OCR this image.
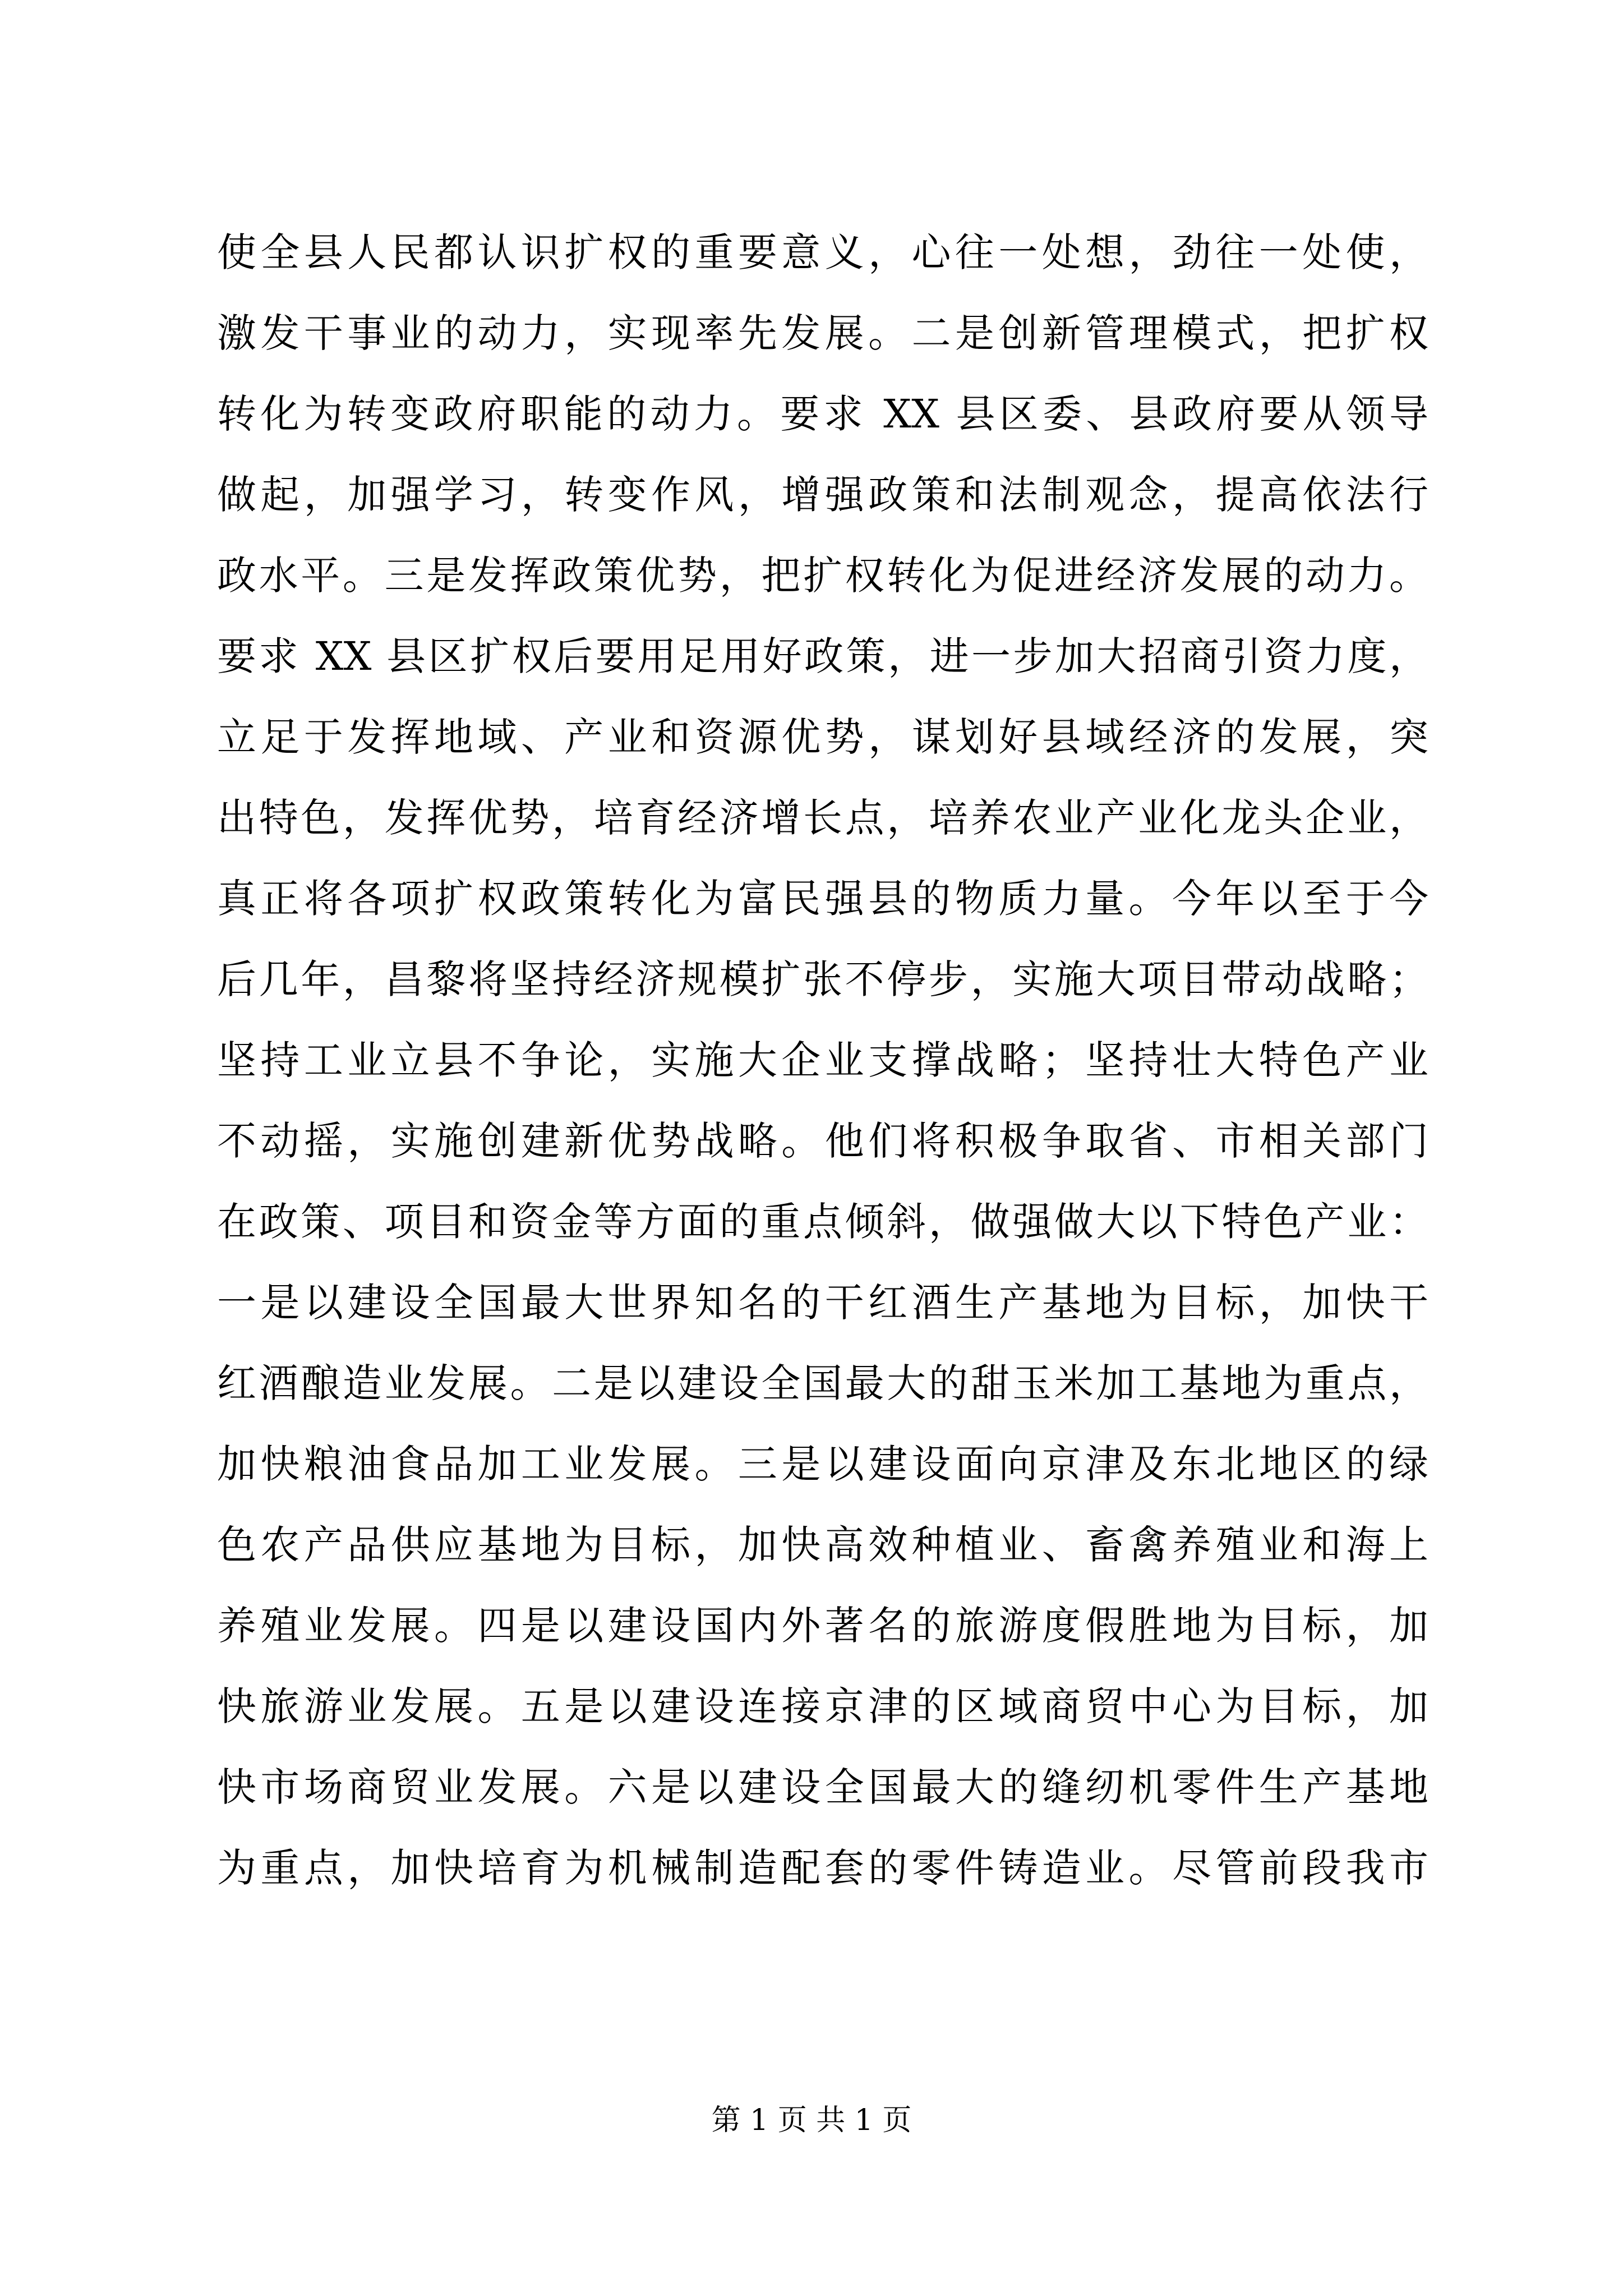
使全县人民都认识扩权的重要意义，心往一处想，劲往一处使，
激发干事业的动力，实现率先发展。二是创新管理模式，把扩权
转化为转变政府职能的动力。要求 XX 县区委、县政府要从领导
做起，加强学习，转变作风，增强政策和法制观念，提高依法行
政水平。三是发挥政策优势，把扩权转化为促进经济发展的动力。
要求 XX 县区扩权后要用足用好政策，进一步加大招商引资力度，
立足于发挥地域、产业和资源优势，谋划好县域经济的发展，突
出特色，发挥优势，培育经济增长点，培养农业产业化龙头企业，
真正将各项扩权政策转化为富民强县的物质力量。今年以至于今
后几年，昌黎将坚持经济规模扩张不停步，实施大项目带动战略；
坚持工业立县不争论，实施大企业支撑战略；坚持壮大特色产业
不动摇，实施创建新优势战略。他们将积极争取省、市相关部门
在政策、项目和资金等方面的重点倾斜，做强做大以下特色产业：
一是以建设全国最大世界知名的干红酒生产基地为目标，加快干
红酒酿造业发展。二是以建设全国最大的甜玉米加工基地为重点，
加快粮油食品加工业发展。三是以建设面向京津及东北地区的绿
色农产品供应基地为目标，加快高效种植业、畜禽养殖业和海上
养殖业发展。四是以建设国内外著名的旅游度假胜地为目标，加
快旅游业发展。五是以建设连接京津的区域商贸中心为目标，加
快市场商贸业发展。六是以建设全国最大的缝纫机零件生产基地
为重点，加快培育为机械制造配套的零件铸造业。尽管前段我市
第 1 页 共 1 页
